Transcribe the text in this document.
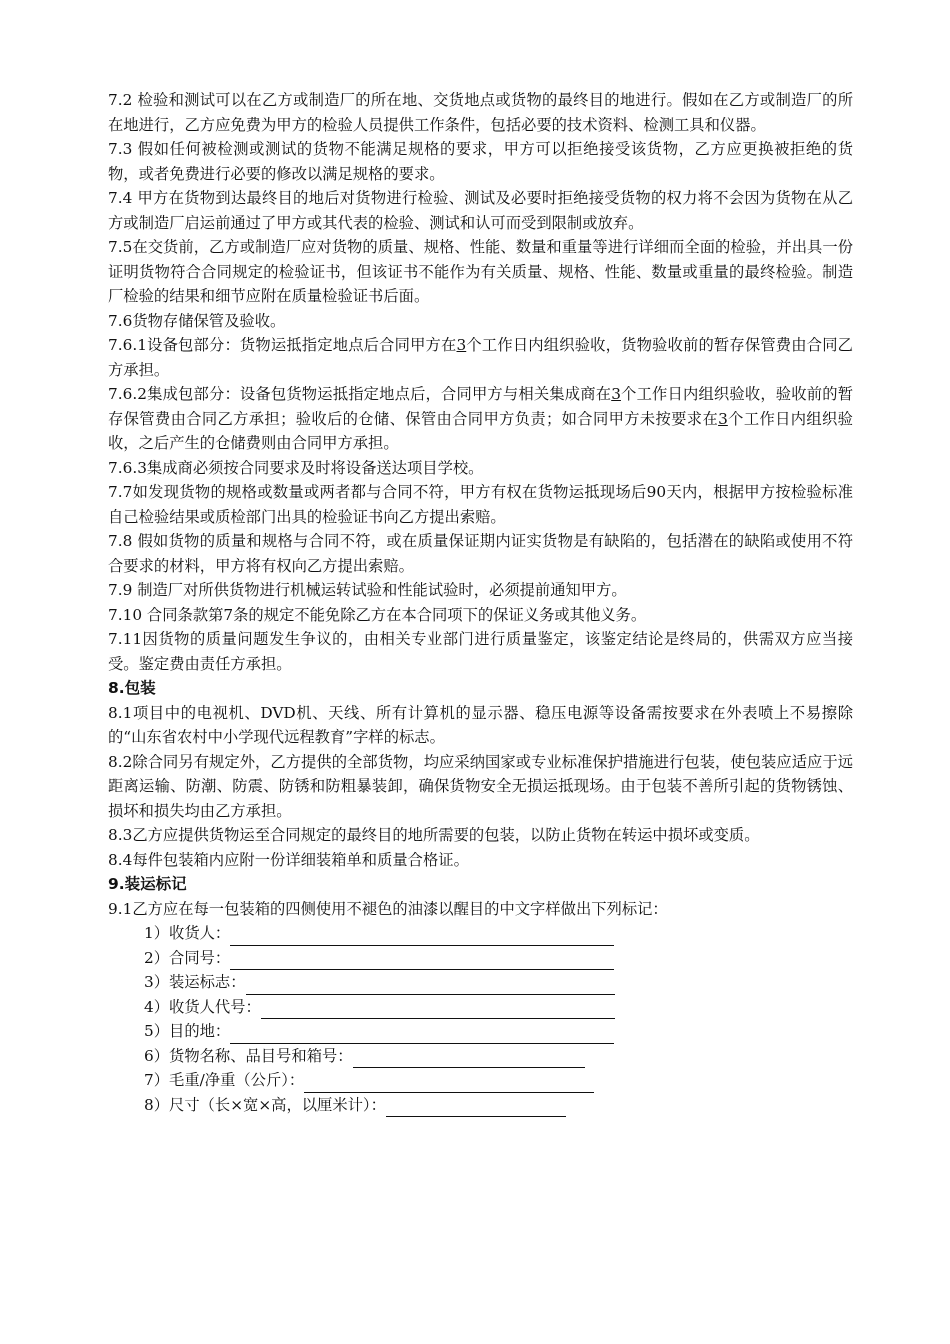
7.2 检验和测试可以在乙方或制造厂的所在地、交货地点或货物的最终目的地进行。假如在乙方或制造厂的所在地进行，乙方应免费为甲方的检验人员提供工作条件，包括必要的技术资料、检测工具和仪器。

7.3 假如任何被检测或测试的货物不能满足规格的要求，甲方可以拒绝接受该货物，乙方应更换被拒绝的货物，或者免费进行必要的修改以满足规格的要求。

7.4 甲方在货物到达最终目的地后对货物进行检验、测试及必要时拒绝接受货物的权力将不会因为货物在从乙方或制造厂启运前通过了甲方或其代表的检验、测试和认可而受到限制或放弃。

7.5在交货前，乙方或制造厂应对货物的质量、规格、性能、数量和重量等进行详细而全面的检验，并出具一份证明货物符合合同规定的检验证书，但该证书不能作为有关质量、规格、性能、数量或重量的最终检验。制造厂检验的结果和细节应附在质量检验证书后面。

7.6货物存储保管及验收。

7.6.1设备包部分：货物运抵指定地点后合同甲方在3个工作日内组织验收，货物验收前的暂存保管费由合同乙方承担。

7.6.2集成包部分：设备包货物运抵指定地点后，合同甲方与相关集成商在3个工作日内组织验收，验收前的暂存保管费由合同乙方承担；验收后的仓储、保管由合同甲方负责；如合同甲方未按要求在3个工作日内组织验收，之后产生的仓储费则由合同甲方承担。

7.6.3集成商必须按合同要求及时将设备送达项目学校。

7.7如发现货物的规格或数量或两者都与合同不符，甲方有权在货物运抵现场后90天内，根据甲方按检验标准自己检验结果或质检部门出具的检验证书向乙方提出索赔。

7.8 假如货物的质量和规格与合同不符，或在质量保证期内证实货物是有缺陷的，包括潜在的缺陷或使用不符合要求的材料，甲方将有权向乙方提出索赔。

7.9 制造厂对所供货物进行机械运转试验和性能试验时，必须提前通知甲方。

7.10 合同条款第7条的规定不能免除乙方在本合同项下的保证义务或其他义务。

7.11因货物的质量问题发生争议的，由相关专业部门进行质量鉴定，该鉴定结论是终局的，供需双方应当接受。鉴定费由责任方承担。

8.包装

8.1项目中的电视机、DVD机、天线、所有计算机的显示器、稳压电源等设备需按要求在外表喷上不易擦除的“山东省农村中小学现代远程教育”字样的标志。

8.2除合同另有规定外，乙方提供的全部货物，均应采纳国家或专业标准保护措施进行包装，使包装应适应于远距离运输、防潮、防震、防锈和防粗暴装卸，确保货物安全无损运抵现场。由于包装不善所引起的货物锈蚀、损坏和损失均由乙方承担。

8.3乙方应提供货物运至合同规定的最终目的地所需要的包装，以防止货物在转运中损坏或变质。

8.4每件包装箱内应附一份详细装箱单和质量合格证。

9.装运标记

9.1乙方应在每一包装箱的四侧使用不褪色的油漆以醒目的中文字样做出下列标记：

1）收货人：
2）合同号：
3）装运标志：
4）收货人代号：
5）目的地：
6）货物名称、品目号和箱号：
7）毛重/净重（公斤）：
8）尺寸（长×宽×高，以厘米计）：
